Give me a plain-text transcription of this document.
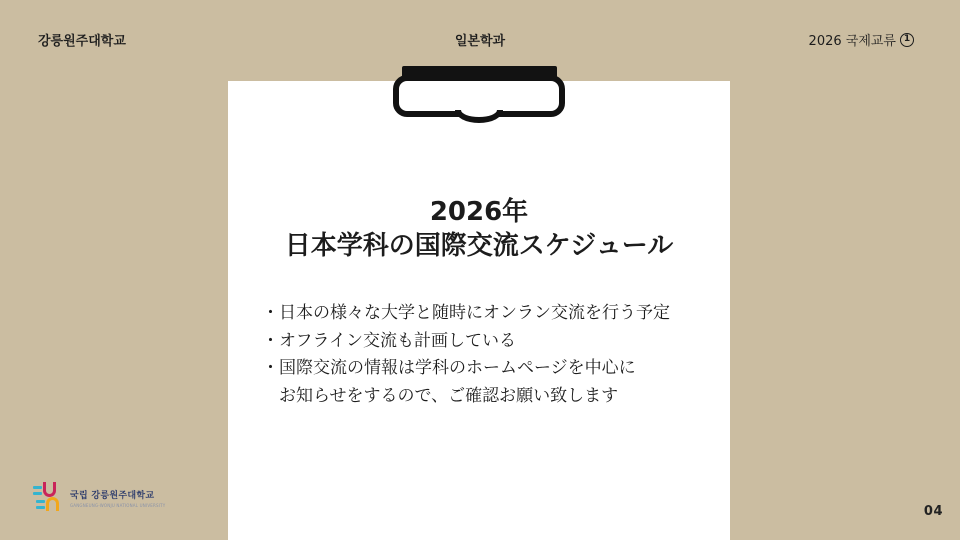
강릉원주대학교	일본학과	2026 국제교류 1
2026年
日本学科の国際交流スケジュール
・ 日本の様々な大学と随時にオンラン交流を行う予定
・ オフライン交流も計画している
・ 国際交流の情報は学科のホームページを中心に
お知らせをするので、ご確認お願い致します
국립 강릉원주대학교
GANGNEUNG-WONJU NATIONAL UNIVERSITY	04
